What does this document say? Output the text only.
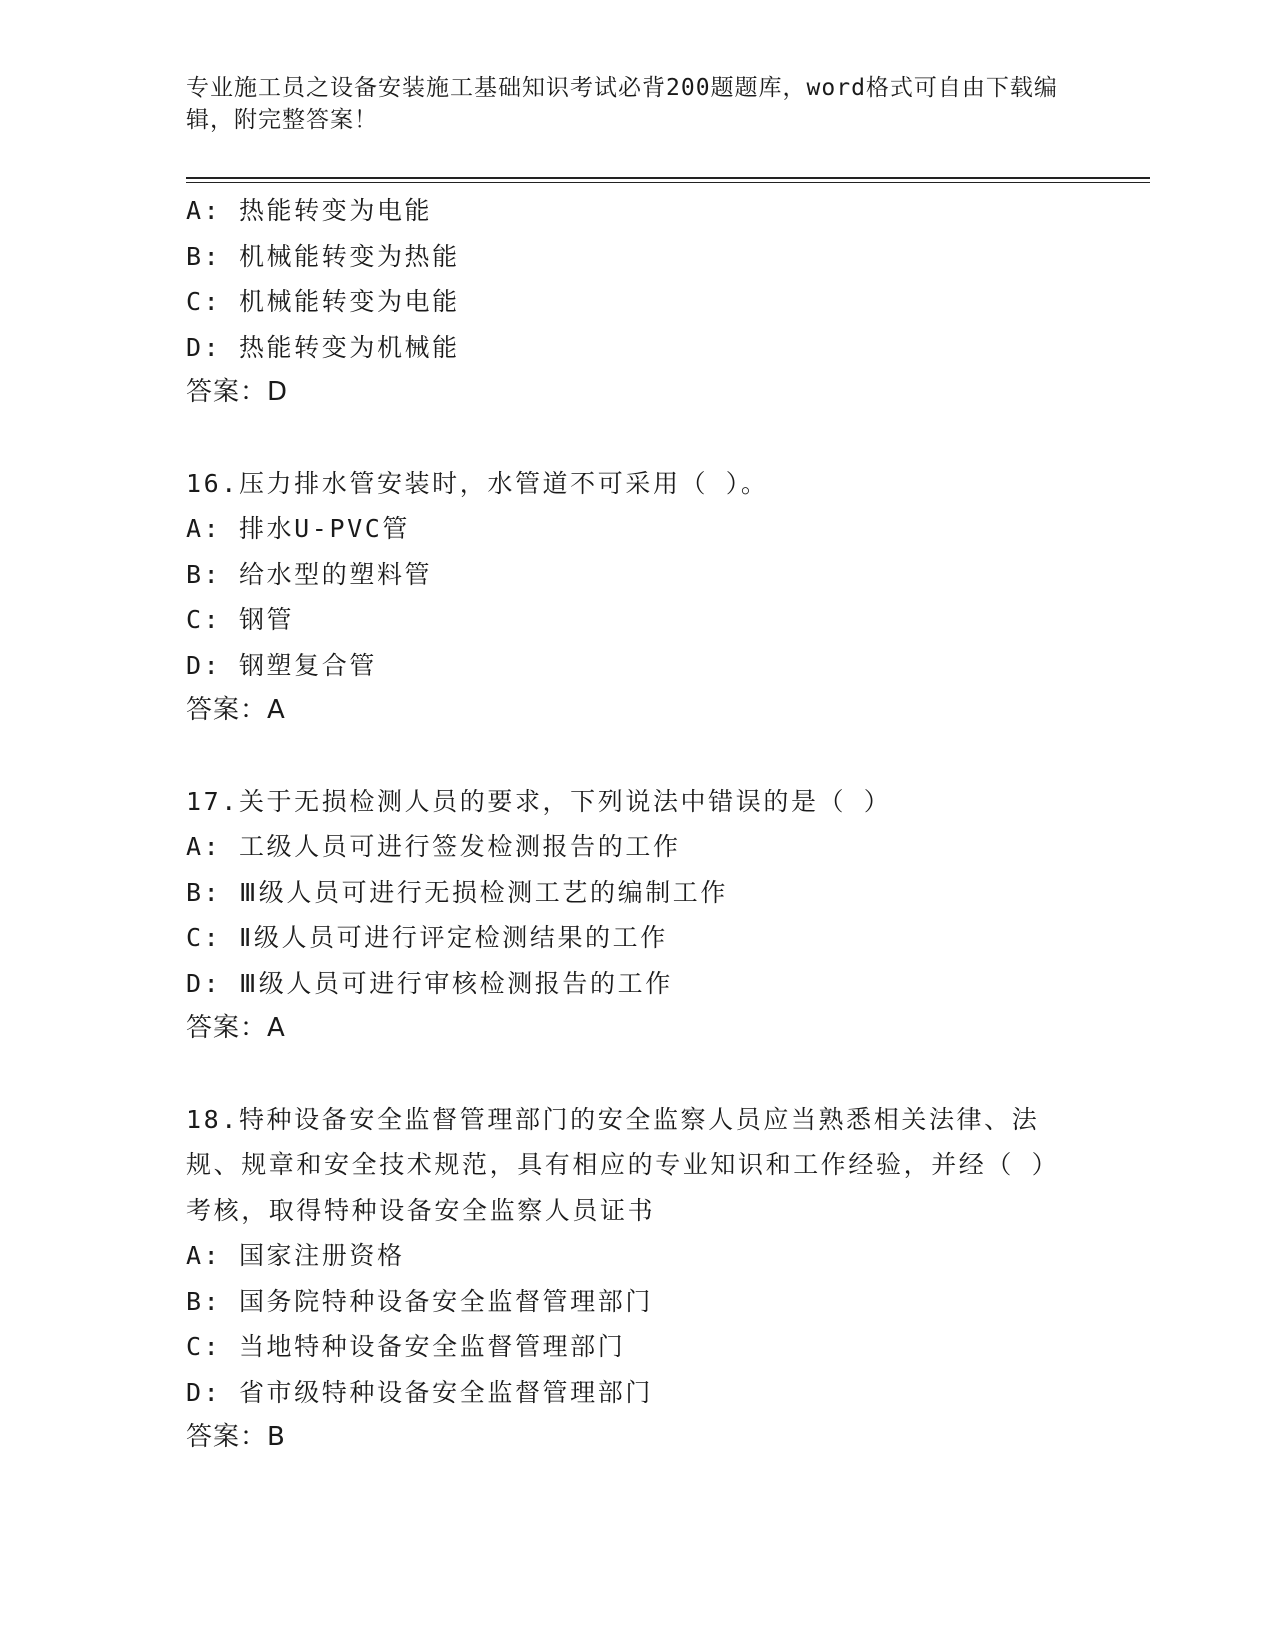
专业施工员之设备安装施工基础知识考试必背200题题库，word格式可自由下载编辑，附完整答案！
A: 热能转变为电能
B: 机械能转变为热能
C: 机械能转变为电能
D: 热能转变为机械能
答案：D
16.压力排水管安装时，水管道不可采用（ ）。
A: 排水U-PVC管
B: 给水型的塑料管
C: 钢管
D: 钢塑复合管
答案：A
17.关于无损检测人员的要求，下列说法中错误的是（ ）
A: 工级人员可进行签发检测报告的工作
B: Ⅲ级人员可进行无损检测工艺的编制工作
C: Ⅱ级人员可进行评定检测结果的工作
D: Ⅲ级人员可进行审核检测报告的工作
答案：A
18.特种设备安全监督管理部门的安全监察人员应当熟悉相关法律、法规、规章和安全技术规范，具有相应的专业知识和工作经验，并经（ ）考核，取得特种设备安全监察人员证书
A: 国家注册资格
B: 国务院特种设备安全监督管理部门
C: 当地特种设备安全监督管理部门
D: 省市级特种设备安全监督管理部门
答案：B
